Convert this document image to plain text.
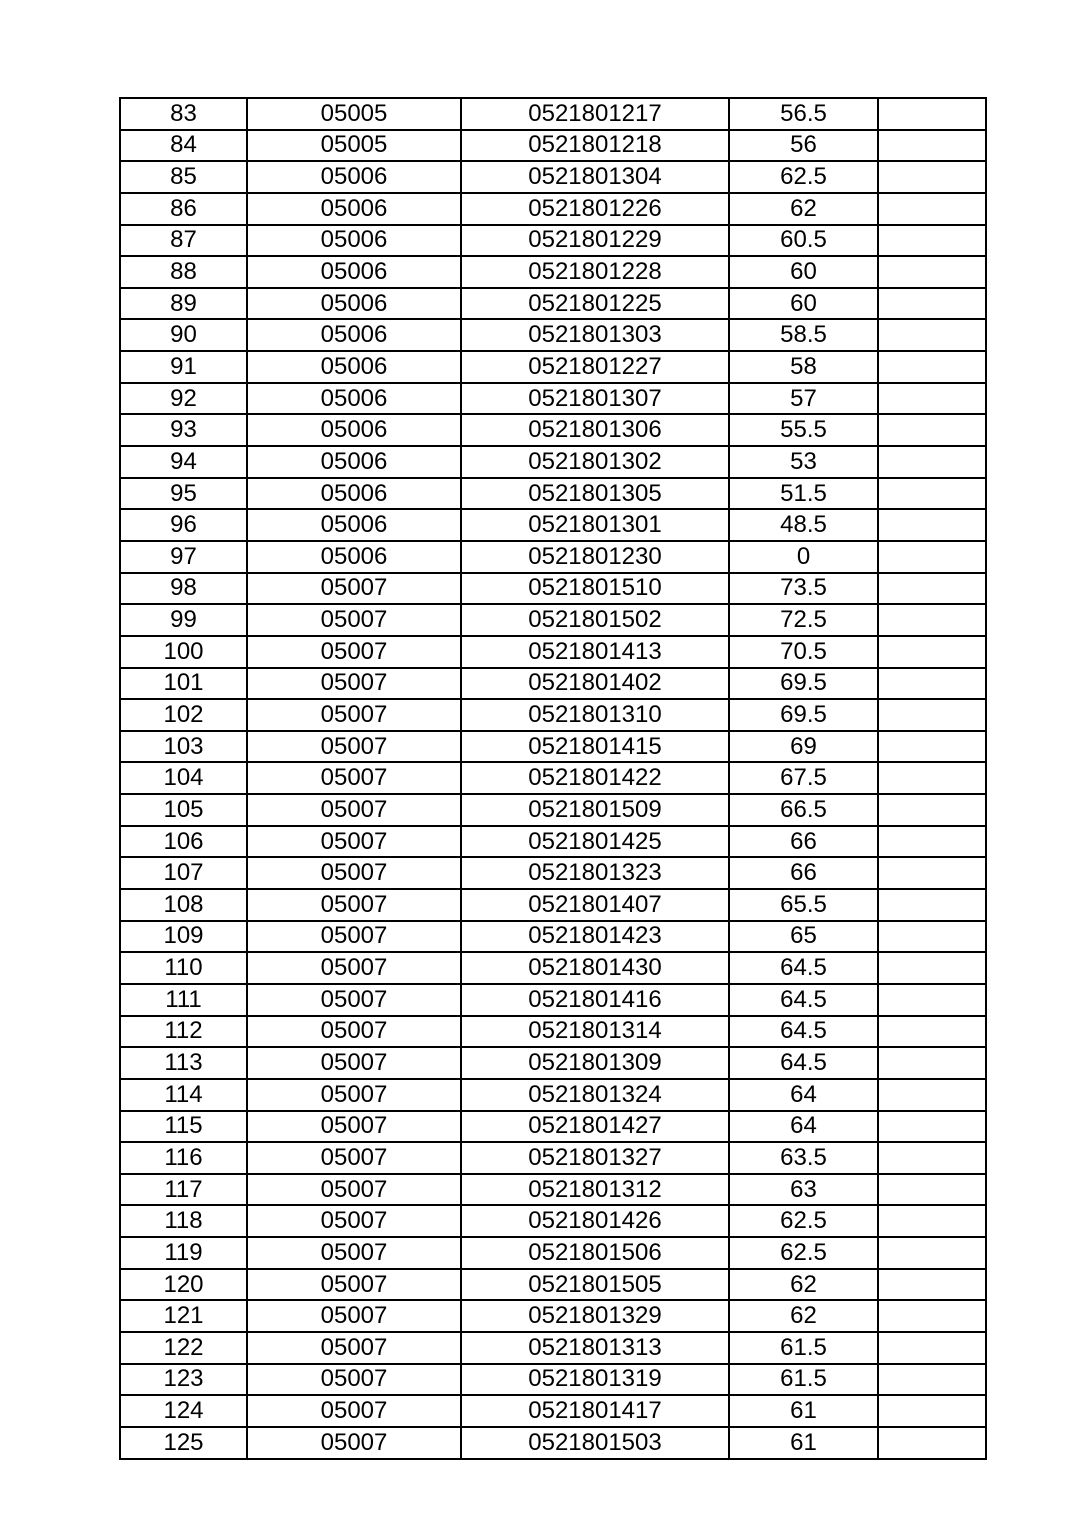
83	05005	0521801217	56.5	
84	05005	0521801218	56	
85	05006	0521801304	62.5	
86	05006	0521801226	62	
87	05006	0521801229	60.5	
88	05006	0521801228	60	
89	05006	0521801225	60	
90	05006	0521801303	58.5	
91	05006	0521801227	58	
92	05006	0521801307	57	
93	05006	0521801306	55.5	
94	05006	0521801302	53	
95	05006	0521801305	51.5	
96	05006	0521801301	48.5	
97	05006	0521801230	0	
98	05007	0521801510	73.5	
99	05007	0521801502	72.5	
100	05007	0521801413	70.5	
101	05007	0521801402	69.5	
102	05007	0521801310	69.5	
103	05007	0521801415	69	
104	05007	0521801422	67.5	
105	05007	0521801509	66.5	
106	05007	0521801425	66	
107	05007	0521801323	66	
108	05007	0521801407	65.5	
109	05007	0521801423	65	
110	05007	0521801430	64.5	
111	05007	0521801416	64.5	
112	05007	0521801314	64.5	
113	05007	0521801309	64.5	
114	05007	0521801324	64	
115	05007	0521801427	64	
116	05007	0521801327	63.5	
117	05007	0521801312	63	
118	05007	0521801426	62.5	
119	05007	0521801506	62.5	
120	05007	0521801505	62	
121	05007	0521801329	62	
122	05007	0521801313	61.5	
123	05007	0521801319	61.5	
124	05007	0521801417	61	
125	05007	0521801503	61	
